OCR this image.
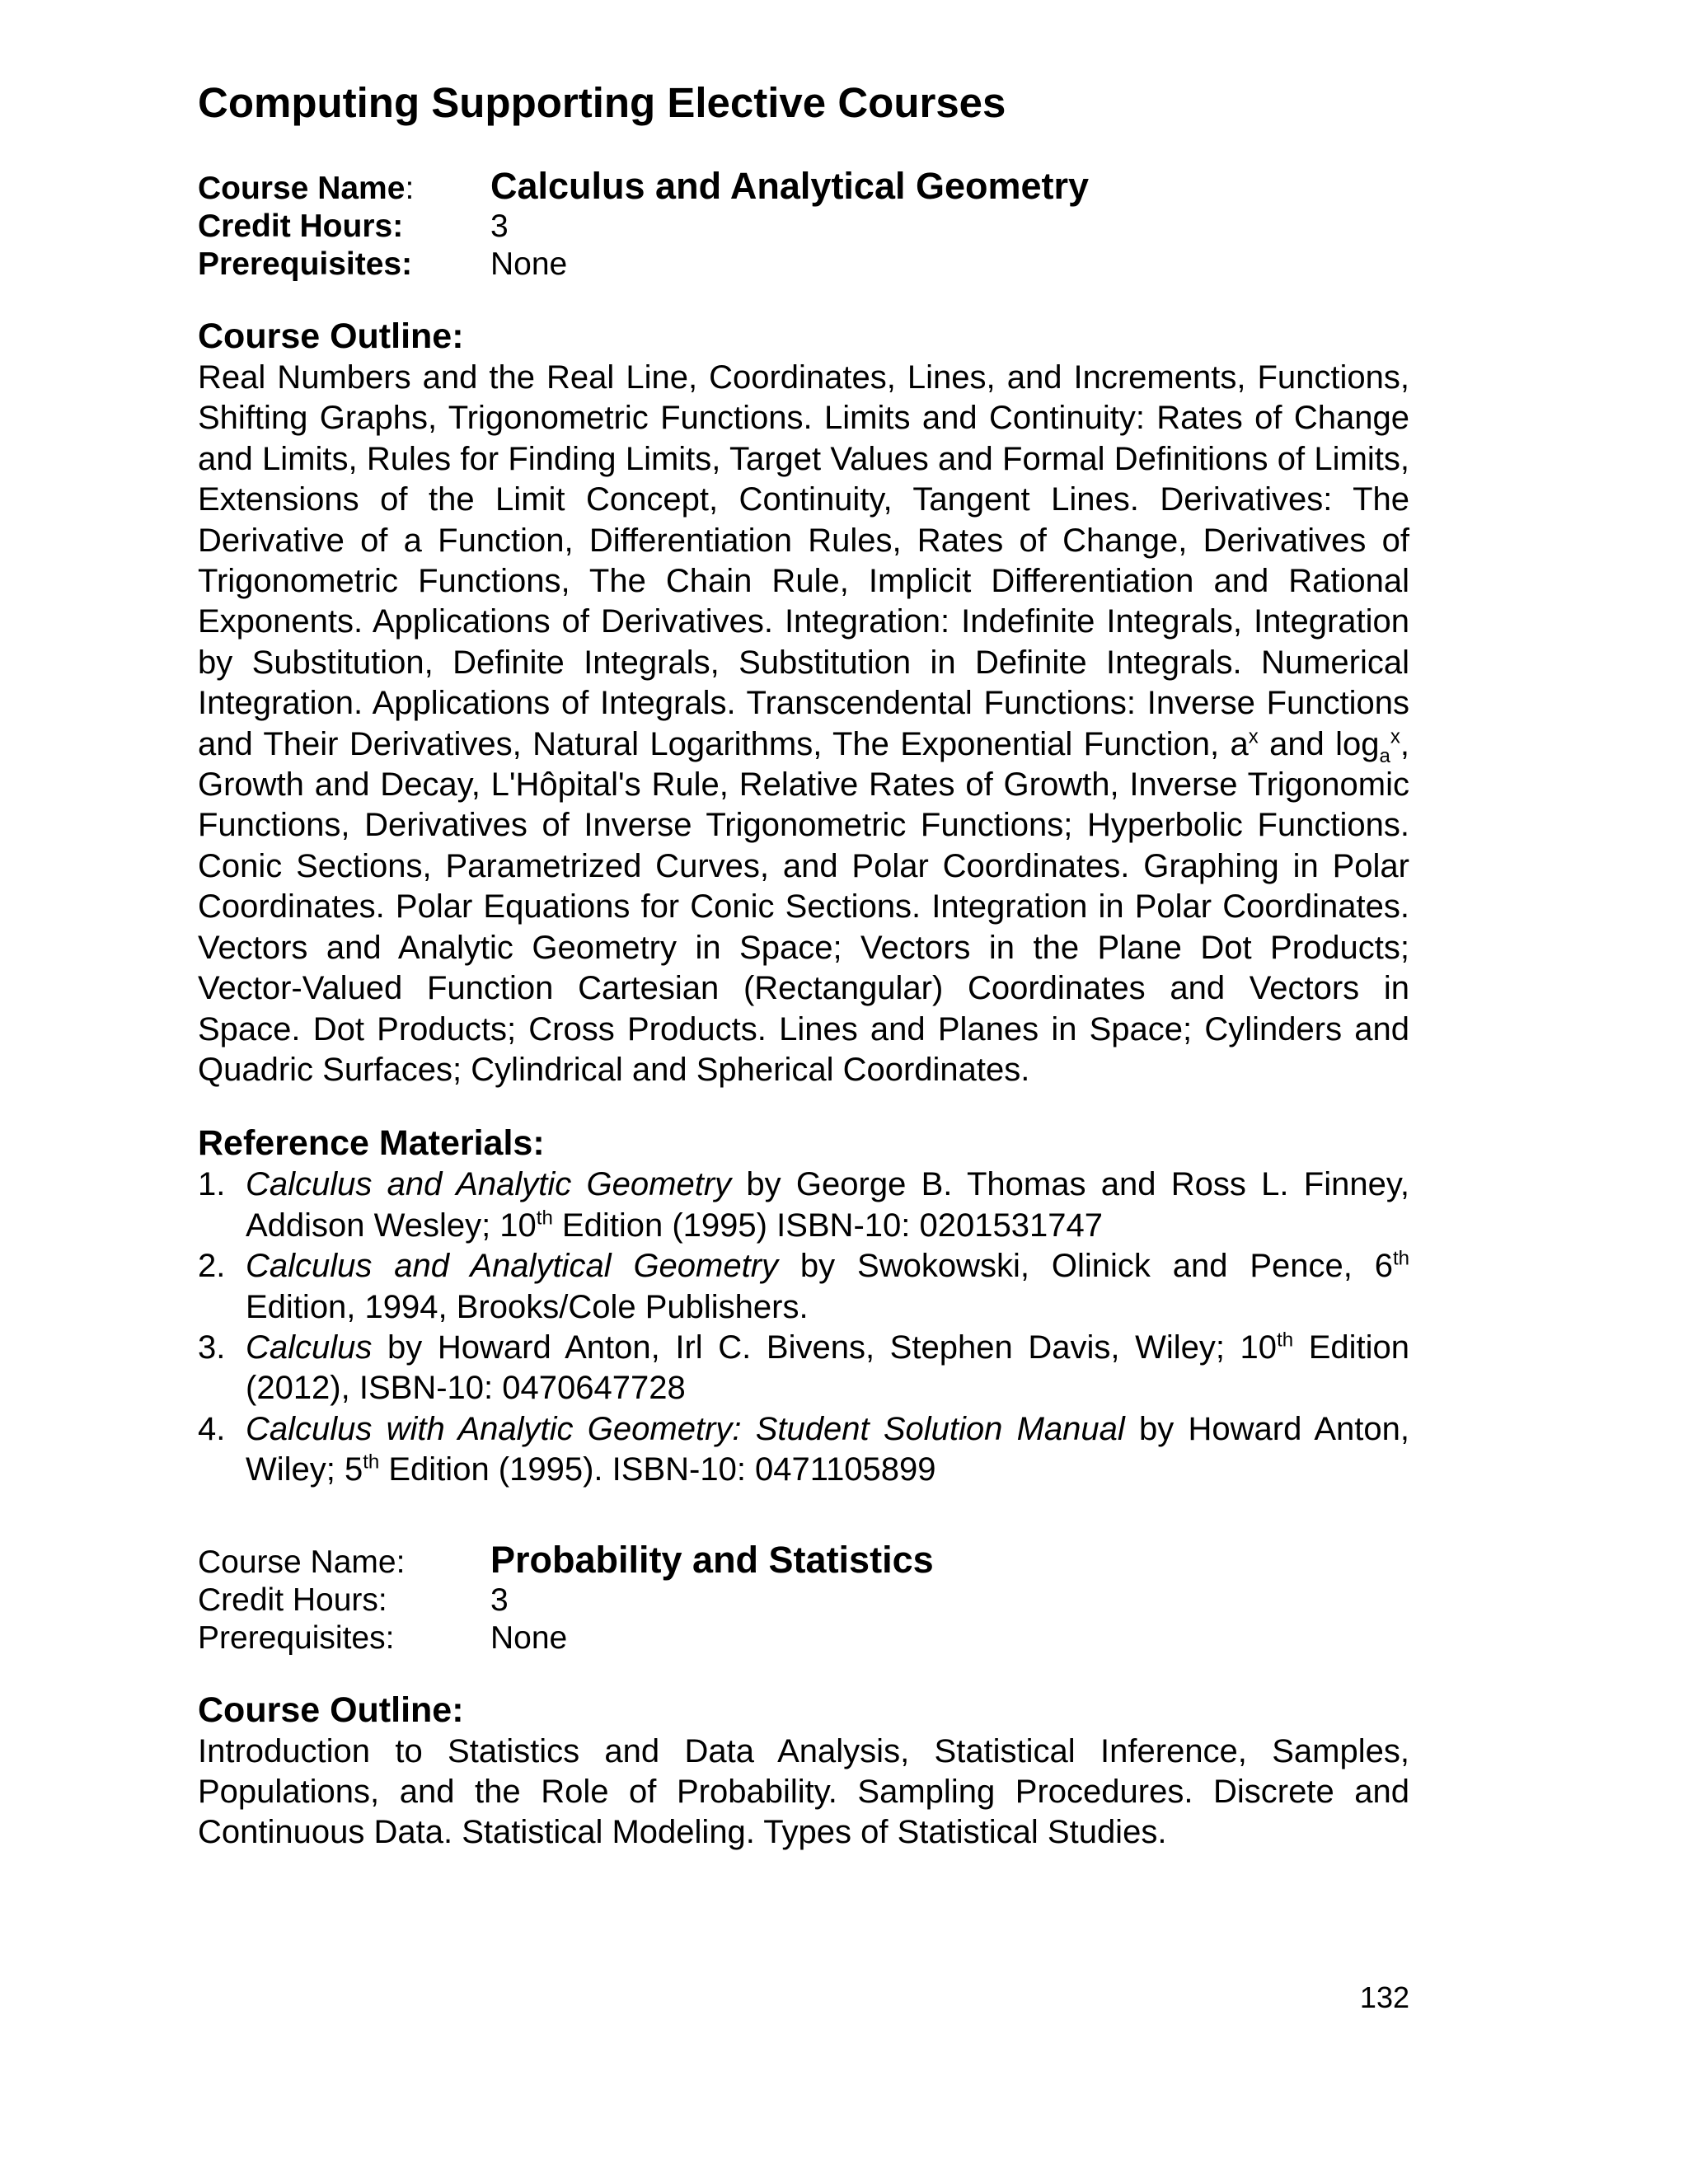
Computing Supporting Elective Courses
Course Name:	Calculus and Analytical Geometry
Credit Hours:	3
Prerequisites:	None
Course Outline:

Real Numbers and the Real Line, Coordinates, Lines, and Increments, Functions, Shifting Graphs, Trigonometric Functions. Limits and Continuity: Rates of Change and Limits, Rules for Finding Limits, Target Values and Formal Definitions of Limits, Extensions of the Limit Concept, Continuity, Tangent Lines. Derivatives: The Derivative of a Function, Differentiation Rules, Rates of Change, Derivatives of Trigonometric Functions, The Chain Rule, Implicit Differentiation and Rational Exponents. Applications of Derivatives. Integration: Indefinite Integrals, Integration by Substitution, Definite Integrals, Substitution in Definite Integrals. Numerical Integration. Applications of Integrals. Transcendental Functions: Inverse Functions and Their Derivatives, Natural Logarithms, The Exponential Function, $a^x$ and $\log_a^x$, Growth and Decay, L'Hôpital's Rule, Relative Rates of Growth, Inverse Trigonomic Functions, Derivatives of Inverse Trigonometric Functions; Hyperbolic Functions. Conic Sections, Parametrized Curves, and Polar Coordinates. Graphing in Polar Coordinates. Polar Equations for Conic Sections. Integration in Polar Coordinates. Vectors and Analytic Geometry in Space; Vectors in the Plane Dot Products; Vector-Valued Function Cartesian (Rectangular) Coordinates and Vectors in Space. Dot Products; Cross Products. Lines and Planes in Space; Cylinders and Quadric Surfaces; Cylindrical and Spherical Coordinates.

Reference Materials:
1. Calculus and Analytic Geometry by George B. Thomas and Ross L. Finney, Addison Wesley; 10th Edition (1995) ISBN-10: 0201531747
2. Calculus and Analytical Geometry by Swokowski, Olinick and Pence, 6th Edition, 1994, Brooks/Cole Publishers.
3. Calculus by Howard Anton, Irl C. Bivens, Stephen Davis, Wiley; 10th Edition (2012), ISBN-10: 0470647728
4. Calculus with Analytic Geometry: Student Solution Manual by Howard Anton, Wiley; 5th Edition (1995). ISBN-10: 0471105899
Course Name:	Probability and Statistics
Credit Hours:	3
Prerequisites:	None
Course Outline:

Introduction to Statistics and Data Analysis, Statistical Inference, Samples, Populations, and the Role of Probability. Sampling Procedures. Discrete and Continuous Data. Statistical Modeling. Types of Statistical Studies.

132
